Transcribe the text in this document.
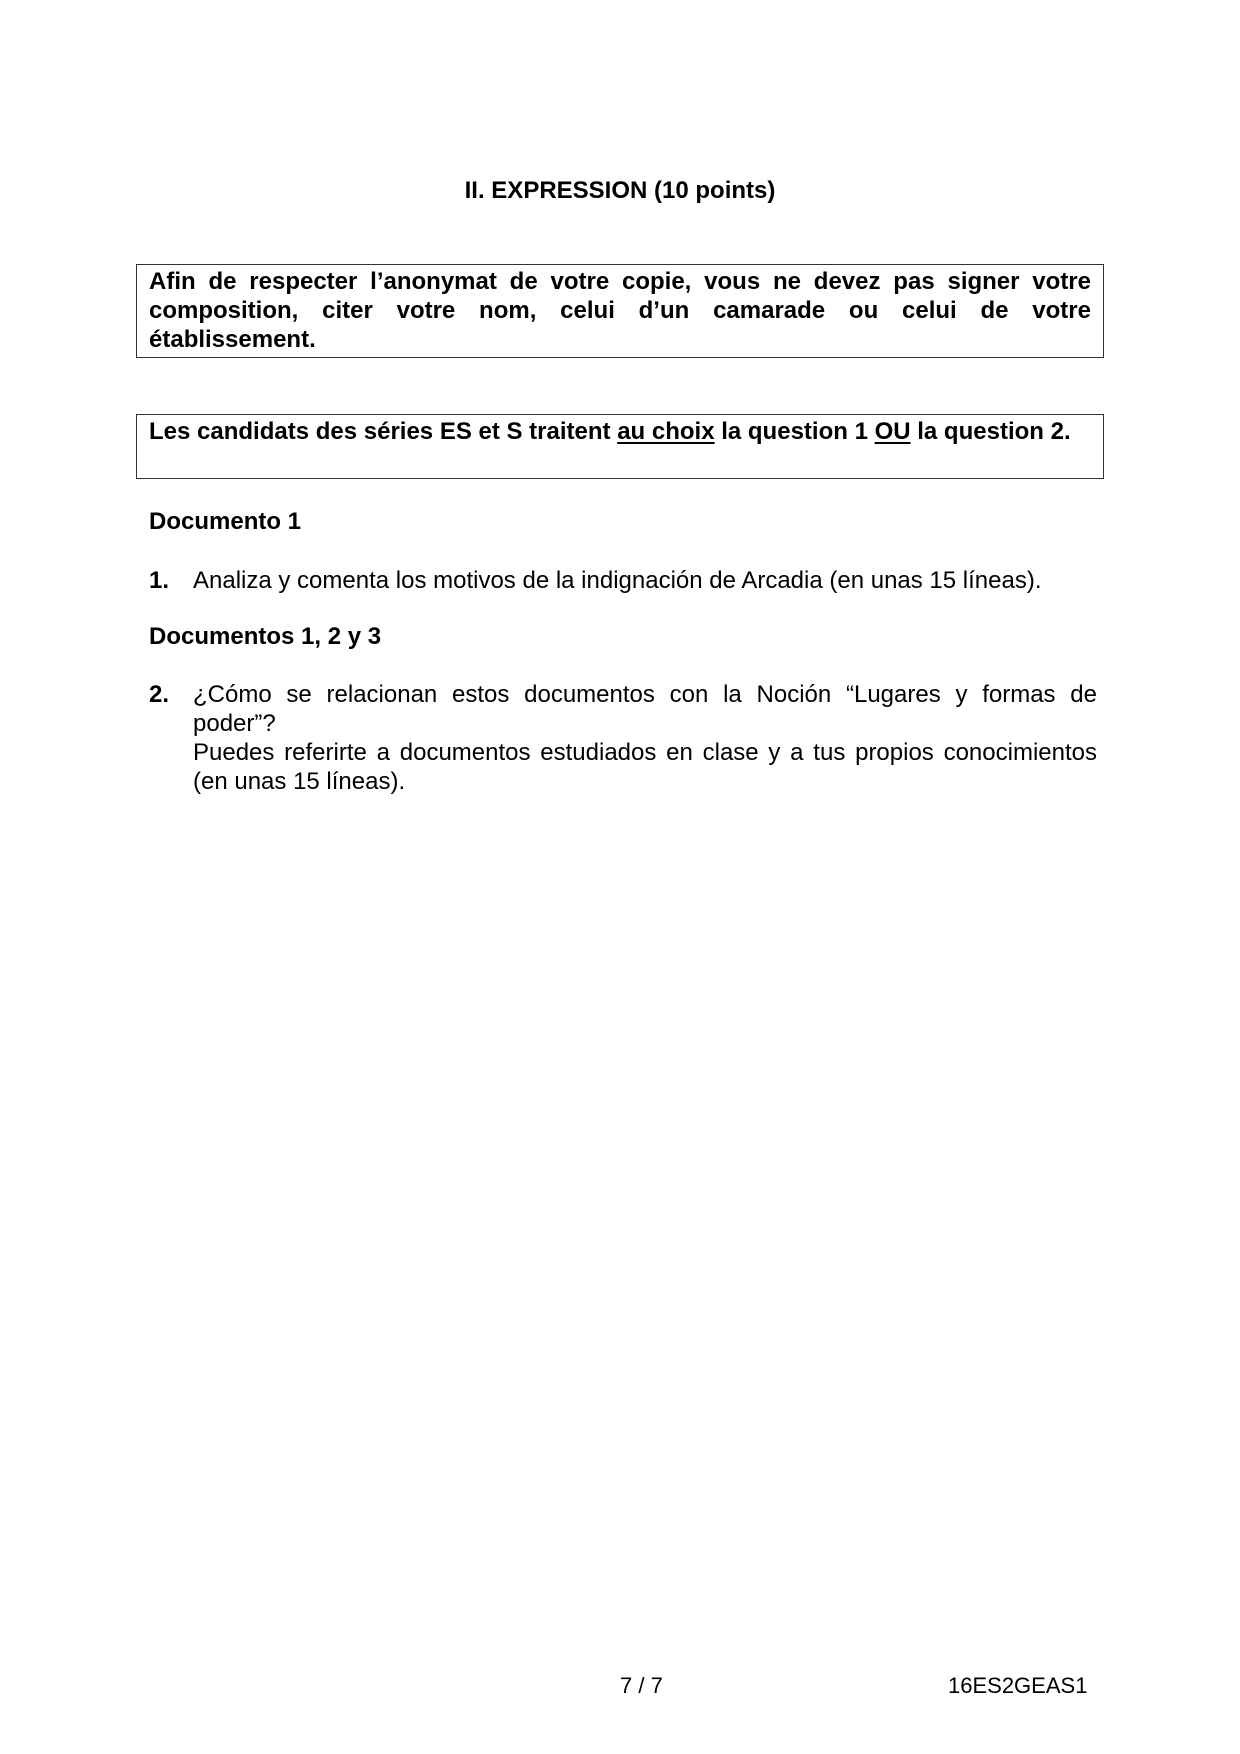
II. EXPRESSION (10 points)
Afin de respecter l’anonymat de votre copie, vous ne devez pas signer votre composition, citer votre nom, celui d’un camarade ou celui de votre établissement.
Les candidats des séries ES et S traitent au choix la question 1 OU la question 2.
Documento 1
1. Analiza y comenta los motivos de la indignación de Arcadia (en unas 15 líneas).
Documentos 1, 2 y 3
2. ¿Cómo se relacionan estos documentos con la Noción “Lugares y formas de poder”?

Puedes referirte a documentos estudiados en clase y a tus propios conocimientos (en unas 15 líneas).

7 / 7	16ES2GEAS1
